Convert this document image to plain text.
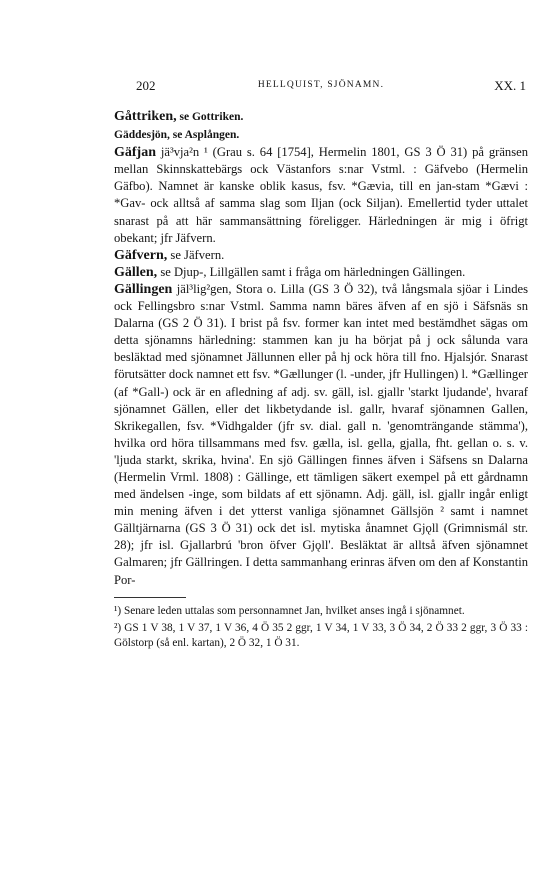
202	HELLQUIST, SJÖNAMN.	XX. 1

Gåttriken, se Gottriken.

Gäddesjön, se Asplången.

Gäfjan jä³vja²n ¹ (Grau s. 64 [1754], Hermelin 1801, GS 3 Ö 31) på gränsen mellan Skinnskattebärgs ock Västanfors s:nar Vstml. : Gäfvebo (Hermelin Gäfbo). Namnet är kanske oblik kasus, fsv. *Gævia, till en jan-stam *Gævi : *Gav- ock alltså af samma slag som Iljan (ock Siljan). Emellertid tyder uttalet snarast på att här sammansättning föreligger. Härledningen är mig i öfrigt obekant; jfr Jäfvern.

Gäfvern, se Jäfvern.

Gällen, se Djup-, Lillgällen samt i fråga om härledningen Gällingen.

Gällingen jäl³lig²gen, Stora o. Lilla (GS 3 Ö 32), två långsmala sjöar i Lindes ock Fellingsbro s:nar Vstml. Samma namn bäres äfven af en sjö i Säfsnäs sn Dalarna (GS 2 Ö 31). I brist på fsv. former kan intet med bestämdhet sägas om detta sjönamns härledning: stammen kan ju ha börjat på j ock sålunda vara besläktad med sjönamnet Jällunnen eller på hj ock höra till fno. Hjalsjór. Snarast förutsätter dock namnet ett fsv. *Gællunger (l. -under, jfr Hullingen) l. *Gællinger (af *Gall-) ock är en afledning af adj. sv. gäll, isl. gjallr 'starkt ljudande', hvaraf sjönamnet Gällen, eller det likbetydande isl. gallr, hvaraf sjönamnen Gallen, Skrikegallen, fsv. *Vidhgalder (jfr sv. dial. gall n. 'genomträngande stämma'), hvilka ord höra tillsammans med fsv. gælla, isl. gella, gjalla, fht. gellan o. s. v. 'ljuda starkt, skrika, hvina'. En sjö Gällingen finnes äfven i Säfsens sn Dalarna (Hermelin Vrml. 1808) : Gällinge, ett tämligen säkert exempel på ett gårdnamn med ändelsen -inge, som bildats af ett sjönamn. Adj. gäll, isl. gjallr ingår enligt min mening äfven i det ytterst vanliga sjönamnet Gällsjön ² samt i namnet Gälltjärnarna (GS 3 Ö 31) ock det isl. mytiska ånamnet Gjǫll (Grimnismál str. 28); jfr isl. Gjallarbrú 'bron öfver Gjǫll'. Besläktat är alltså äfven sjönamnet Galmaren; jfr Gällringen. I detta sammanhang erinras äfven om den af Konstantin Por-

¹) Senare leden uttalas som personnamnet Jan, hvilket anses ingå i sjönamnet.

²) GS 1 V 38, 1 V 37, 1 V 36, 4 Ö 35 2 ggr, 1 V 34, 1 V 33, 3 Ö 34, 2 Ö 33 2 ggr, 3 Ö 33 : Gölstorp (så enl. kartan), 2 Ö 32, 1 Ö 31.
